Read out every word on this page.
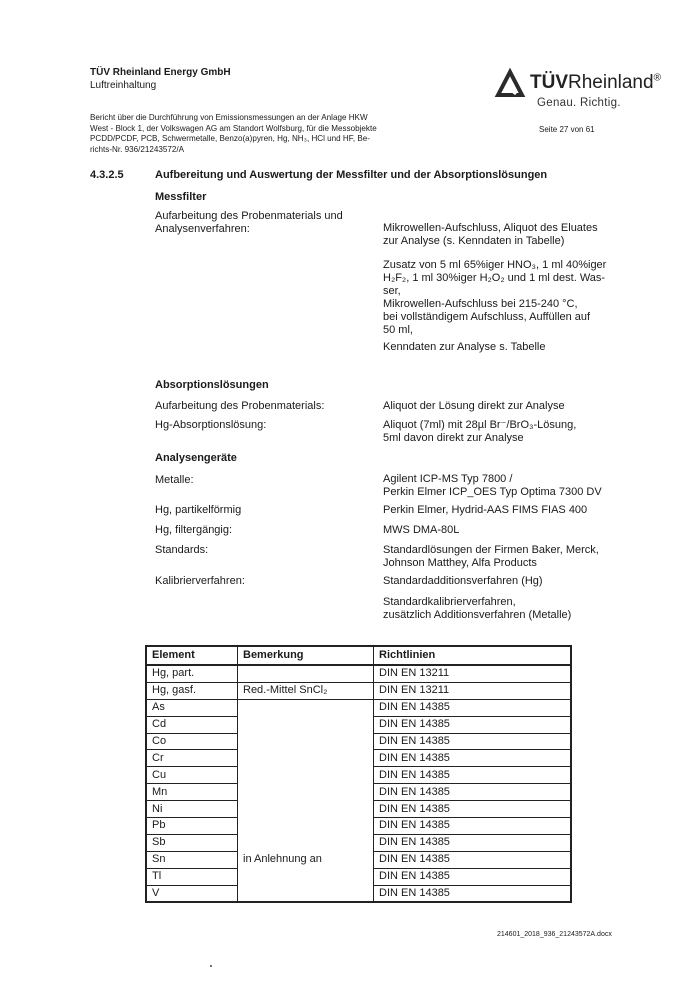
TÜV Rheinland Energy GmbH
Luftreinhaltung	TÜVRheinland®
Genau. Richtig.
Bericht über die Durchführung von Emissionsmessungen an der Anlage HKW
West - Block 1, der Volkswagen AG am Standort Wolfsburg, für die Messobjekte
PCDD/PCDF, PCB, Schwermetalle, Benzo(a)pyren, Hg, NH₃, HCl und HF, Be-
richts-Nr. 936/21243572/A
Seite 27 von 61
4.3.2.5	Aufbereitung und Auswertung der Messfilter und der Absorptionslösungen
Messfilter
Aufarbeitung des Probenmaterials und
Analysenverfahren:	Mikrowellen-Aufschluss, Aliquot des Eluates
zur Analyse (s. Kenndaten in Tabelle)
Zusatz von 5 ml 65%iger HNO₃, 1 ml 40%iger
H₂F₂, 1 ml 30%iger H₂O₂ und 1 ml dest. Was-
ser,
Mikrowellen-Aufschluss bei 215-240 °C,
bei vollständigem Aufschluss, Auffüllen auf
50 ml,
Kenndaten zur Analyse s. Tabelle
Absorptionslösungen
Aufarbeitung des Probenmaterials:	Aliquot der Lösung direkt zur Analyse
Hg-Absorptionslösung:	Aliquot (7ml) mit 28µl Br⁻/BrO₃-Lösung,
5ml davon direkt zur Analyse
Analysengeräte
Metalle:	Agilent ICP-MS Typ 7800 /
Perkin Elmer ICP_OES Typ Optima 7300 DV
Hg, partikelförmig	Perkin Elmer, Hydrid-AAS FIMS FIAS 400
Hg, filtergängig:	MWS DMA-80L
Standards:	Standardlösungen der Firmen Baker, Merck,
Johnson Matthey, Alfa Products
Kalibrierverfahren:	Standardadditionsverfahren (Hg)
Standardkalibrierverfahren,
zusätzlich Additionsverfahren (Metalle)
Element	Bemerkung	Richtlinien
Hg, part.		DIN EN 13211
Hg, gasf.	Red.-Mittel SnCl₂	DIN EN 13211
As		DIN EN 14385
Cd		DIN EN 14385
Co		DIN EN 14385
Cr		DIN EN 14385
Cu		DIN EN 14385
Mn		DIN EN 14385
Ni		DIN EN 14385
Pb		DIN EN 14385
Sb		DIN EN 14385
Sn	in Anlehnung an	DIN EN 14385
Tl		DIN EN 14385
V		DIN EN 14385
214601_2018_936_21243572A.docx
